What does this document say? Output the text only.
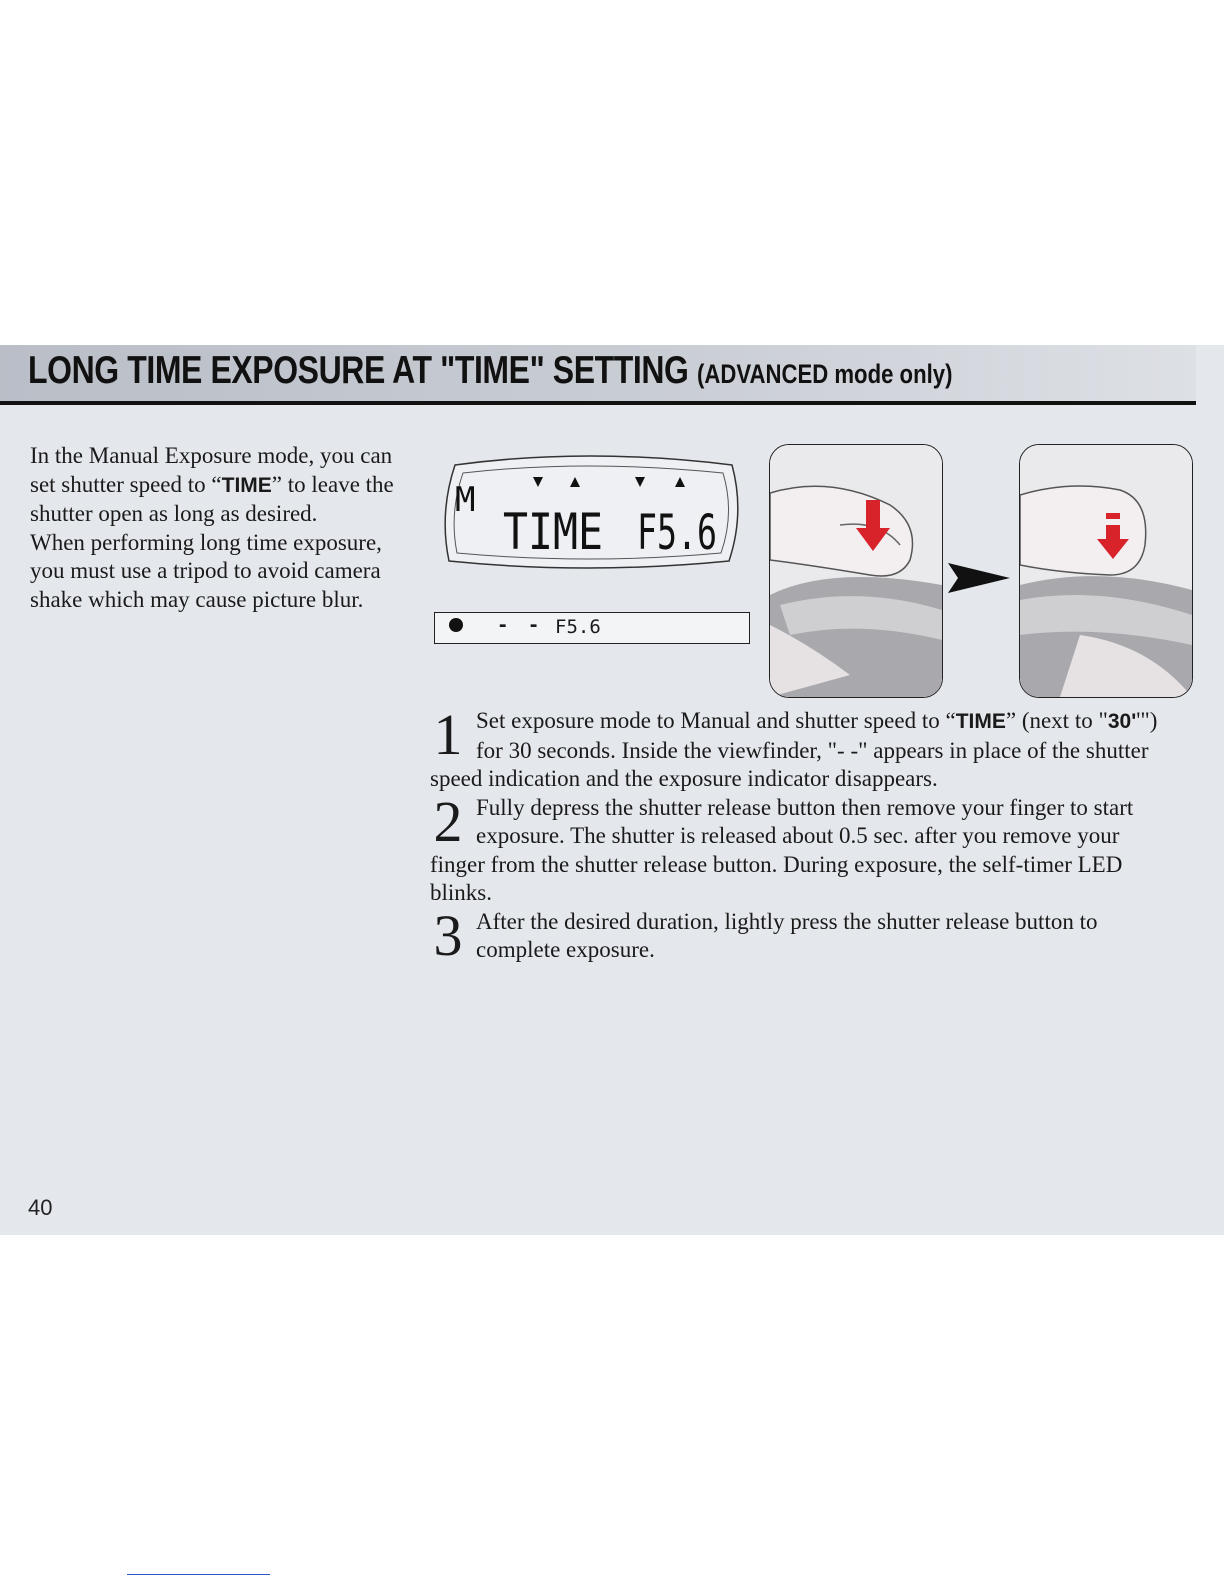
LONG TIME EXPOSURE AT "TIME" SETTING (ADVANCED mode only)

In the Manual Exposure mode, you can set shutter speed to “TIME” to leave the shutter open as long as desired.

When performing long time exposure, you must use a tripod to avoid camera shake which may cause picture blur.

M
TIME F5.6
- - F5.6
1 Set exposure mode to Manual and shutter speed to “TIME” (next to "30''") for 30 seconds. Inside the viewfinder, "- -" appears in place of the shutter speed indication and the exposure indicator disappears.
2 Fully depress the shutter release button then remove your finger to start exposure. The shutter is released about 0.5 sec. after you remove your finger from the shutter release button. During exposure, the self-timer LED blinks.
3 After the desired duration, lightly press the shutter release button to complete exposure.
40
